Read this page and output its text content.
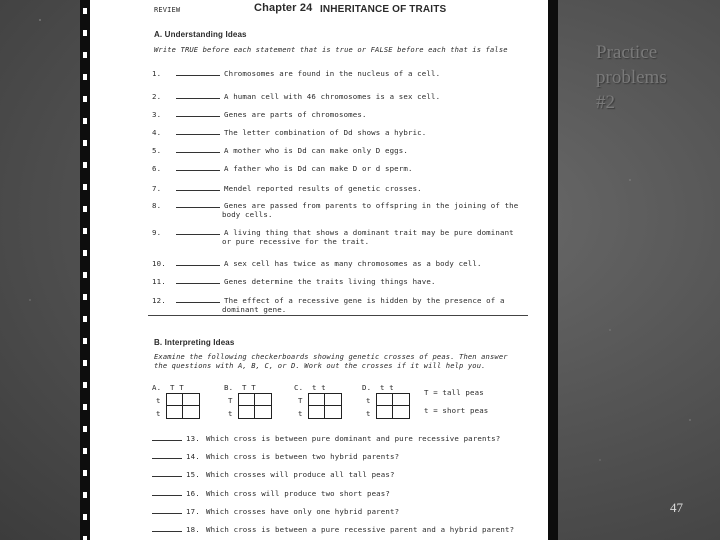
Practice
problems
#2
47
REVIEW	Chapter 24 INHERITANCE OF TRAITS
A. Understanding Ideas
Write TRUE before each statement that is true or FALSE before each that is false
1.	Chromosomes are found in the nucleus of a cell.
2.	A human cell with 46 chromosomes is a sex cell.
3.	Genes are parts of chromosomes.
4.	The letter combination of Dd shows a hybric.
5.	A mother who is Dd can make only D eggs.
6.	A father who is Dd can make D or d sperm.
7.	Mendel reported results of genetic crosses.
8.	Genes are passed from parents to offspring in the joining of the
body cells.
9.	A living thing that shows a dominant trait may be pure dominant
or pure recessive for the trait.
10.	A sex cell has twice as many chromosomes as a body cell.
11.	Genes determine the traits living things have.
12.	The effect of a recessive gene is hidden by the presence of a
dominant gene.
B. Interpreting Ideas
Examine the following checkerboards showing genetic crosses of peas. Then answer
the questions with A, B, C, or D. Work out the crosses if it will help you.
A. T T
t
t
B. T T
T
t
C. t t
T
t
D. t t
t
t
T = tall peas
t = short peas
13. Which cross is between pure dominant and pure recessive parents?
14. Which cross is between two hybrid parents?
15. Which crosses will produce all tall peas?
16. Which cross will produce two short peas?
17. Which crosses have only one hybrid parent?
18. Which cross is between a pure recessive parent and a hybrid parent?
